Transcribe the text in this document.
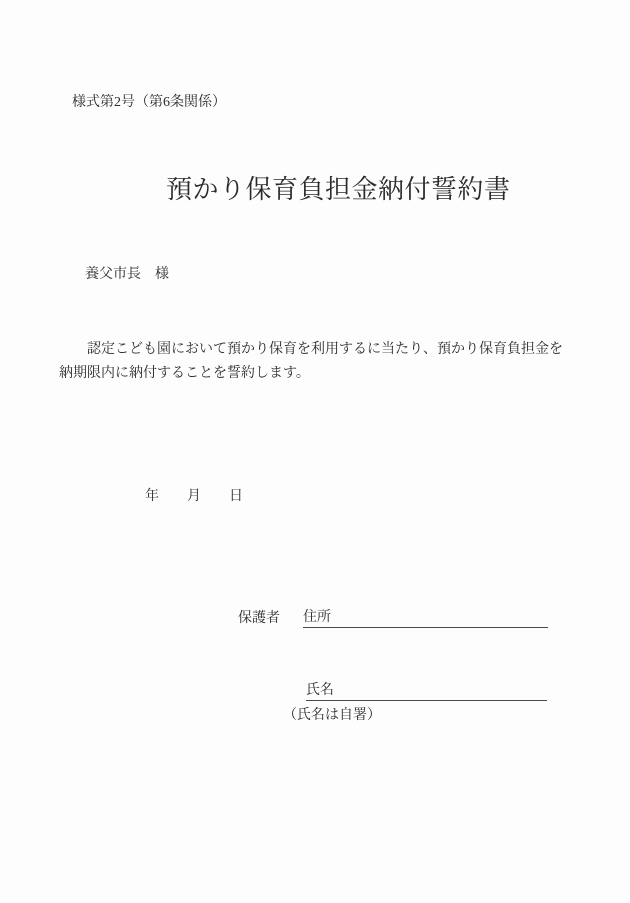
様式第2号（第6条関係）
預かり保育負担金納付誓約書
養父市長　様

認定こども園において預かり保育を利用するに当たり、預かり保育負担金を

納期限内に納付することを誓約します。

年　　月　　日
保護者 住所
氏名
（氏名は自署）
